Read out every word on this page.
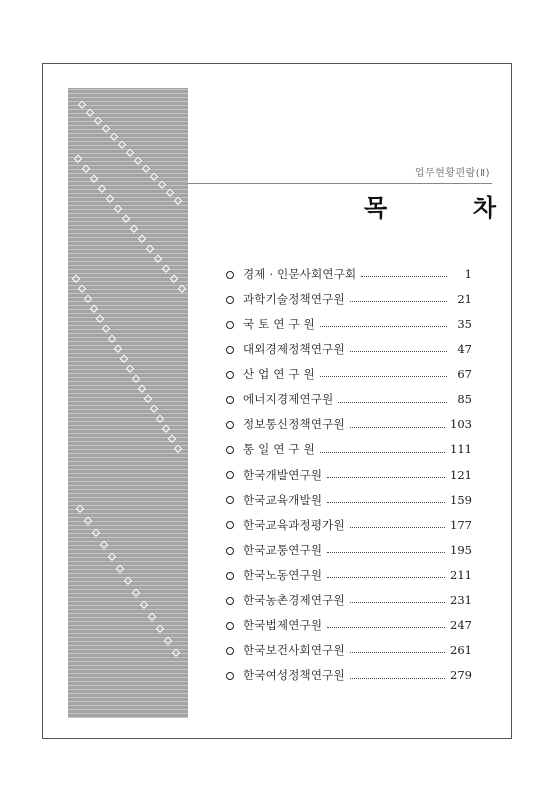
업무현황편람(Ⅱ)
목	차
경제 · 인문사회연구회	1
과학기술정책연구원	21
국 토 연 구 원	35
대외경제정책연구원	47
산 업 연 구 원	67
에너지경제연구원	85
정보통신정책연구원	103
통 일 연 구 원	111
한국개발연구원	121
한국교육개발원	159
한국교육과정평가원	177
한국교통연구원	195
한국노동연구원	211
한국농촌경제연구원	231
한국법제연구원	247
한국보건사회연구원	261
한국여성정책연구원	279
